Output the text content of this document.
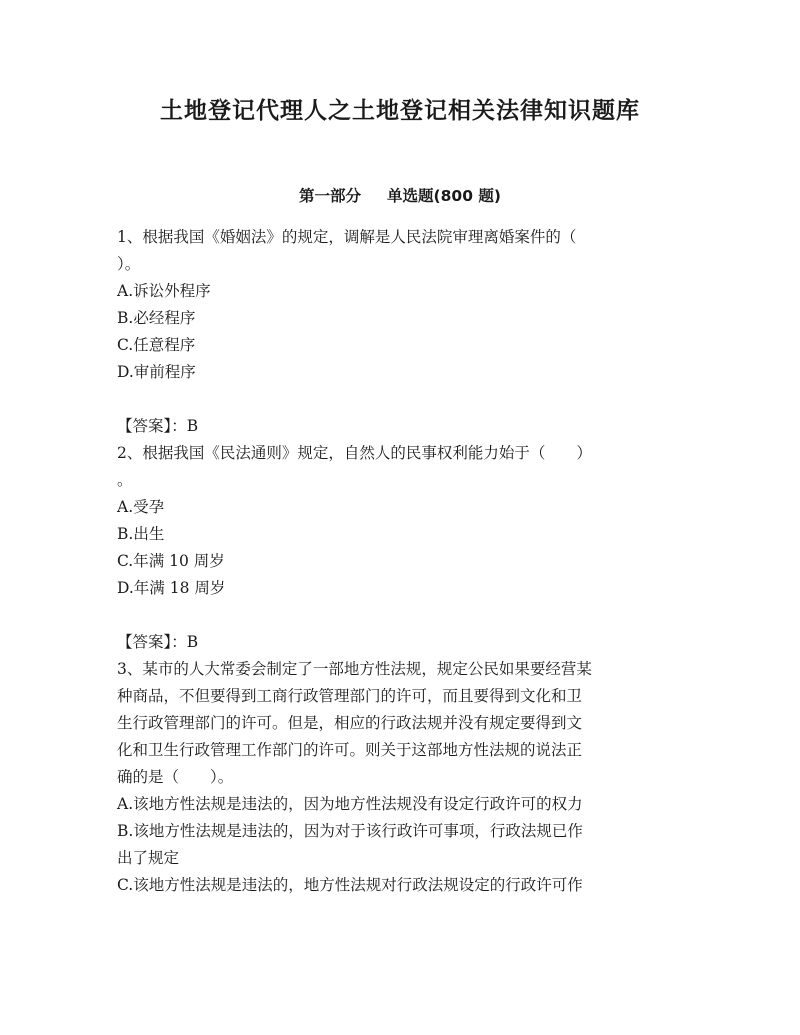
土地登记代理人之土地登记相关法律知识题库
第一部分 单选题(800 题)

1、根据我国《婚姻法》的规定，调解是人民法院审理离婚案件的（

）。

A.诉讼外程序

B.必经程序

C.任意程序

D.审前程序

【答案】：B

2、根据我国《民法通则》规定，自然人的民事权利能力始于（　　）

。

A.受孕

B.出生

C.年满 10 周岁

D.年满 18 周岁

【答案】：B

3、某市的人大常委会制定了一部地方性法规，规定公民如果要经营某

种商品，不但要得到工商行政管理部门的许可，而且要得到文化和卫

生行政管理部门的许可。但是，相应的行政法规并没有规定要得到文

化和卫生行政管理工作部门的许可。则关于这部地方性法规的说法正

确的是（　　）。

A.该地方性法规是违法的，因为地方性法规没有设定行政许可的权力

B.该地方性法规是违法的，因为对于该行政许可事项，行政法规已作

出了规定

C.该地方性法规是违法的，地方性法规对行政法规设定的行政许可作
